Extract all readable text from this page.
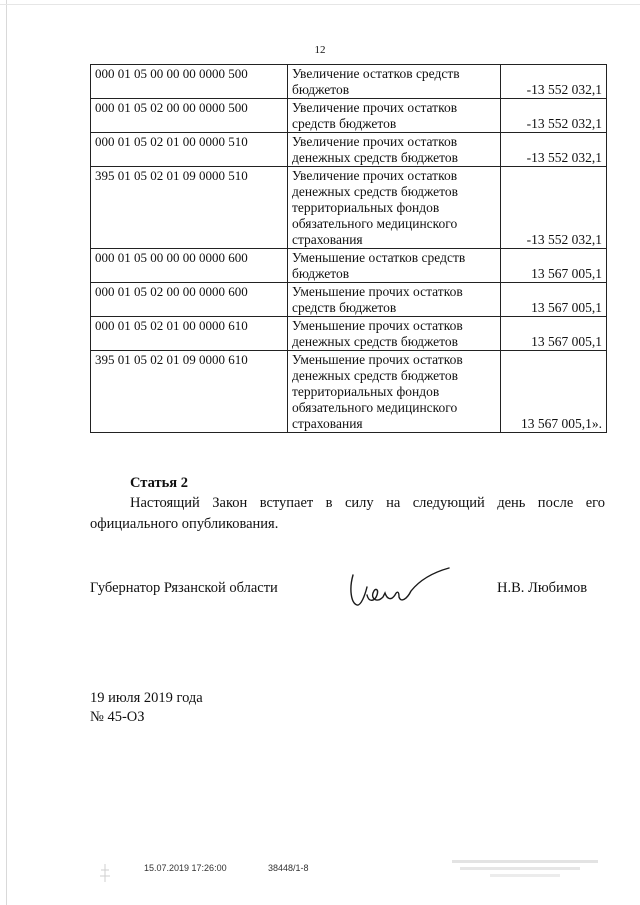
12
000 01 05 00 00 00 0000 500	Увеличение остатков средств
бюджетов	-13 552 032,1
000 01 05 02 00 00 0000 500	Увеличение прочих остатков
средств бюджетов	-13 552 032,1
000 01 05 02 01 00 0000 510	Увеличение прочих остатков
денежных средств бюджетов	-13 552 032,1
395 01 05 02 01 09 0000 510	Увеличение прочих остатков
денежных средств бюджетов
территориальных фондов
обязательного медицинского
страхования	-13 552 032,1
000 01 05 00 00 00 0000 600	Уменьшение остатков средств
бюджетов	13 567 005,1
000 01 05 02 00 00 0000 600	Уменьшение прочих остатков
средств бюджетов	13 567 005,1
000 01 05 02 01 00 0000 610	Уменьшение прочих остатков
денежных средств бюджетов	13 567 005,1
395 01 05 02 01 09 0000 610	Уменьшение прочих остатков
денежных средств бюджетов
территориальных фондов
обязательного медицинского
страхования	13 567 005,1».
Статья 2
Настоящий Закон вступает в силу на следующий день после его официального опубликования.
Губернатор Рязанской области	Н.В. Любимов
19 июля 2019 года
№ 45-ОЗ
15.07.2019 17:26:00	38448/1-8
